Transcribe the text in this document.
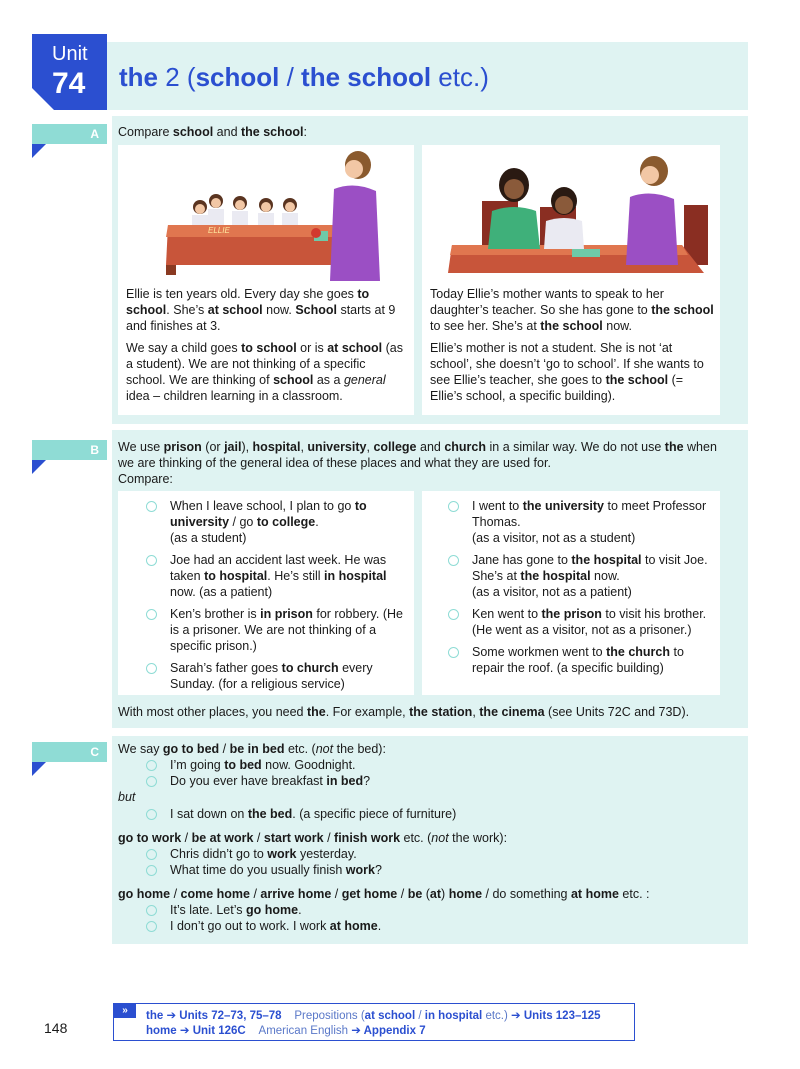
Unit
74 the 2 (school / the school etc.)
A	Compare school and the school:
ELLIE

Ellie is ten years old. Every day she goes to school. She’s at school now. School starts at 9 and finishes at 3.

We say a child goes to school or is at school (as a student). We are not thinking of a specific school. We are thinking of school as a general idea – children learning in a classroom.

Today Ellie’s mother wants to speak to her daughter’s teacher. So she has gone to the school to see her. She’s at the school now.

Ellie’s mother is not a student. She is not ‘at school’, she doesn’t ‘go to school’. If she wants to see Ellie’s teacher, she goes to the school (= Ellie’s school, a specific building).

B	We use prison (or jail), hospital, university, college and church in a similar way. We do not use the when we are thinking of the general idea of these places and what they are used for.
Compare:
When I leave school, I plan to go to university / go to college.
(as a student)
Joe had an accident last week. He was taken to hospital. He’s still in hospital now. (as a patient)
Ken’s brother is in prison for robbery. (He is a prisoner. We are not thinking of a specific prison.)
Sarah’s father goes to church every Sunday. (for a religious service)
I went to the university to meet Professor Thomas.
(as a visitor, not as a student)
Jane has gone to the hospital to visit Joe. She’s at the hospital now.
(as a visitor, not as a patient)
Ken went to the prison to visit his brother. (He went as a visitor, not as a prisoner.)
Some workmen went to the church to repair the roof. (a specific building)
With most other places, you need the. For example, the station, the cinema (see Units 72C and 73D).
C	We say go to bed / be in bed etc. (not the bed):
I’m going to bed now. Goodnight.
Do you ever have breakfast in bed?
but
I sat down on the bed. (a specific piece of furniture)
go to work / be at work / start work / finish work etc. (not the work):
Chris didn’t go to work yesterday.
What time do you usually finish work?
go home / come home / arrive home / get home / be (at) home / do something at home etc. :
It’s late. Let’s go home.
I don’t go out to work. I work at home.
148
»	the ➔ Units 72–73, 75–78 Prepositions (at school / in hospital etc.) ➔ Units 123–125
home ➔ Unit 126C American English ➔ Appendix 7
